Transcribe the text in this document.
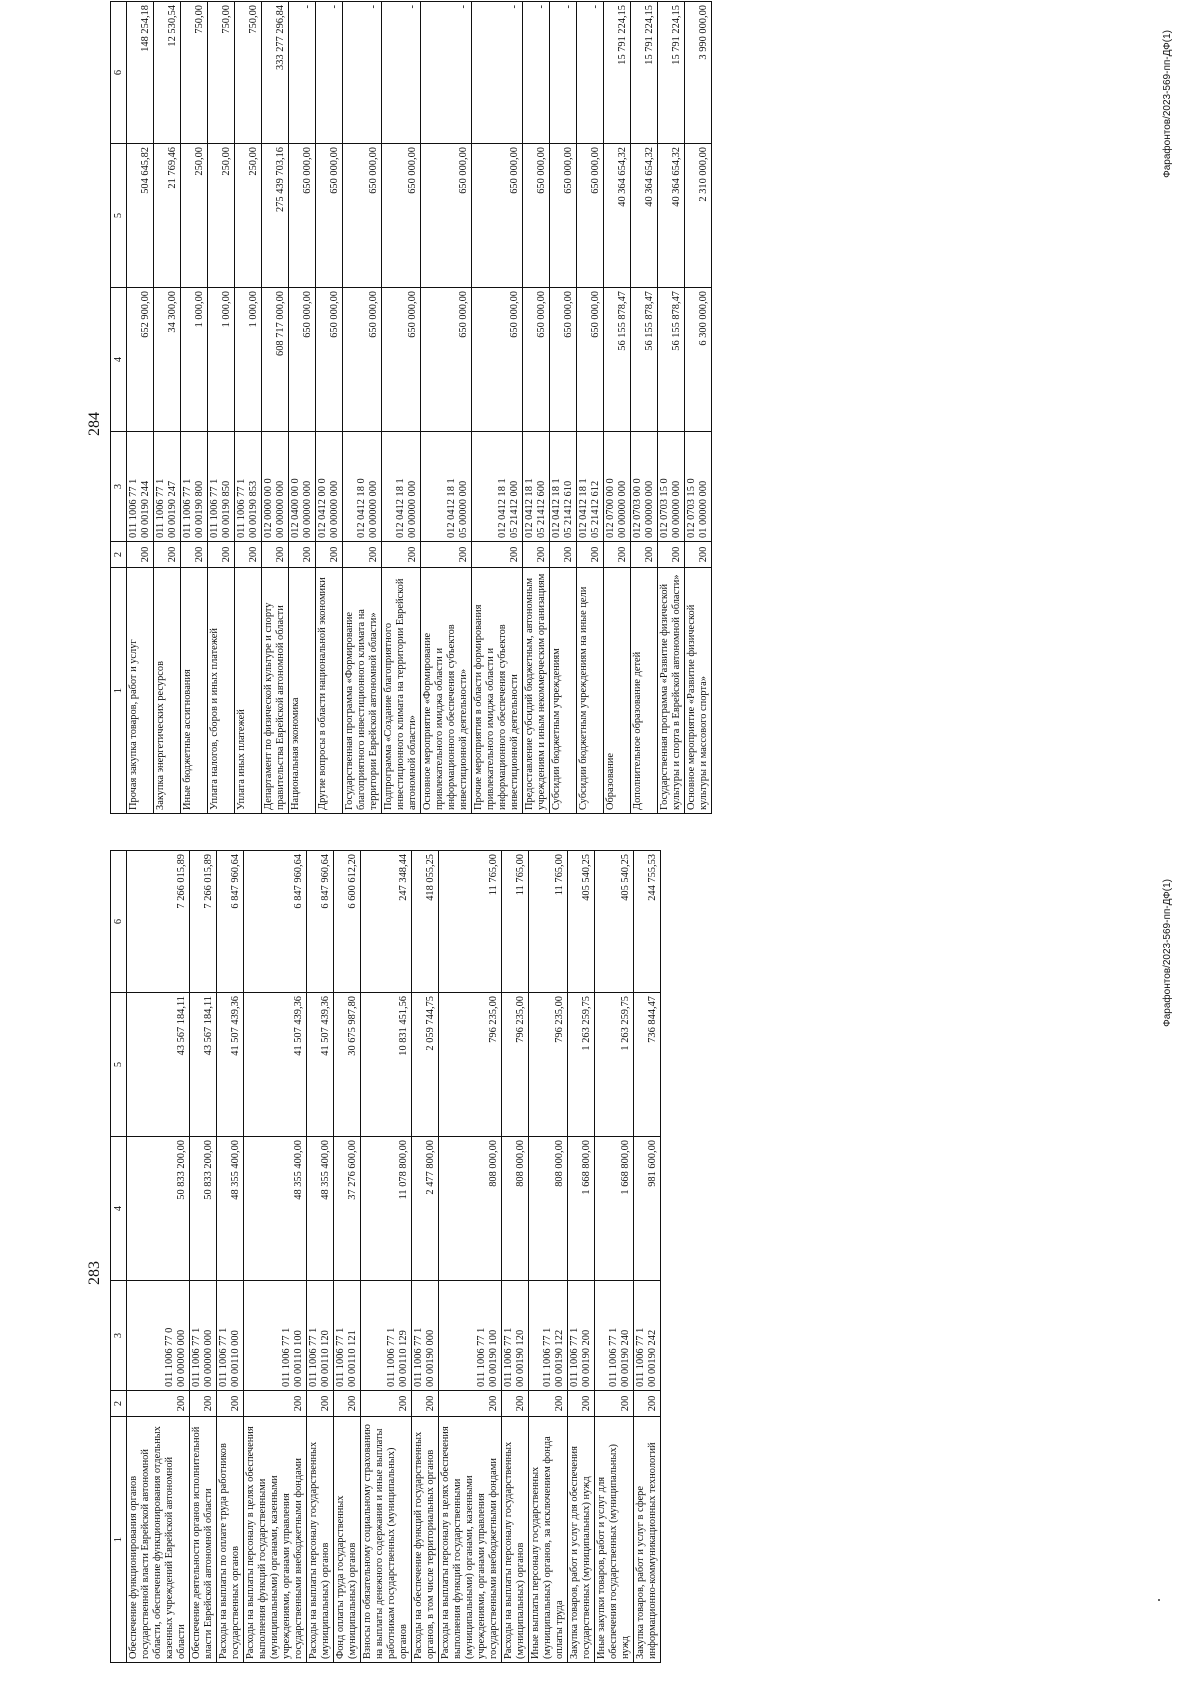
283
1	2	3	4	5	6
Обеспечение функционирования органов государственной власти Еврейской автономной области, обеспечение функционирования отдельных казенных учреждений Еврейской автономной области	200	011 1006 77 0
00 00000 000	50 833 200,00	43 567 184,11	7 266 015,89
Обеспечение деятельности органов исполнительной власти Еврейской автономной области	200	011 1006 77 1
00 00000 000	50 833 200,00	43 567 184,11	7 266 015,89
Расходы на выплаты по оплате труда работников государственных органов	200	011 1006 77 1
00 00110 000	48 355 400,00	41 507 439,36	6 847 960,64
Расходы на выплаты персоналу в целях обеспечения выполнения функций государственными (муниципальными) органами, казенными учреждениями, органами управления государственными внебюджетными фондами	200	011 1006 77 1
00 00110 100	48 355 400,00	41 507 439,36	6 847 960,64
Расходы на выплаты персоналу государственных (муниципальных) органов	200	011 1006 77 1
00 00110 120	48 355 400,00	41 507 439,36	6 847 960,64
Фонд оплаты труда государственных (муниципальных) органов	200	011 1006 77 1
00 00110 121	37 276 600,00	30 675 987,80	6 600 612,20
Взносы по обязательному социальному страхованию на выплаты денежного содержания и иные выплаты работникам государственных (муниципальных) органов	200	011 1006 77 1
00 00110 129	11 078 800,00	10 831 451,56	247 348,44
Расходы на обеспечение функций государственных органов, в том числе территориальных органов	200	011 1006 77 1
00 00190 000	2 477 800,00	2 059 744,75	418 055,25
Расходы на выплаты персоналу в целях обеспечения выполнения функций государственными (муниципальными) органами, казенными учреждениями, органами управления государственными внебюджетными фондами	200	011 1006 77 1
00 00190 100	808 000,00	796 235,00	11 765,00
Расходы на выплаты персоналу государственных (муниципальных) органов	200	011 1006 77 1
00 00190 120	808 000,00	796 235,00	11 765,00
Иные выплаты персоналу государственных (муниципальных) органов, за исключением фонда оплаты труда	200	011 1006 77 1
00 00190 122	808 000,00	796 235,00	11 765,00
Закупка товаров, работ и услуг для обеспечения государственных (муниципальных) нужд	200	011 1006 77 1
00 00190 200	1 668 800,00	1 263 259,75	405 540,25
Иные закупки товаров, работ и услуг для обеспечения государственных (муниципальных) нужд	200	011 1006 77 1
00 00190 240	1 668 800,00	1 263 259,75	405 540,25
Закупка товаров, работ и услуг в сфере информационно-коммуникационных технологий	200	011 1006 77 1
00 00190 242	981 600,00	736 844,47	244 755,53
Фарафонтов/2023-569-пп-ДФ(1)
284
1	2	3	4	5	6
Прочая закупка товаров, работ и услуг	200	011 1006 77 1
00 00190 244	652 900,00	504 645,82	148 254,18
Закупка энергетических ресурсов	200	011 1006 77 1
00 00190 247	34 300,00	21 769,46	12 530,54
Иные бюджетные ассигнования	200	011 1006 77 1
00 00190 800	1 000,00	250,00	750,00
Уплата налогов, сборов и иных платежей	200	011 1006 77 1
00 00190 850	1 000,00	250,00	750,00
Уплата иных платежей	200	011 1006 77 1
00 00190 853	1 000,00	250,00	750,00
Департамент по физической культуре и спорту правительства Еврейской автономной области	200	012 0000 00 0
00 00000 000	608 717 000,00	275 439 703,16	333 277 296,84
Национальная экономика	200	012 0400 00 0
00 00000 000	650 000,00	650 000,00	-
Другие вопросы в области национальной экономики	200	012 0412 00 0
00 00000 000	650 000,00	650 000,00	-
Государственная программа «Формирование благоприятного инвестиционного климата на территории Еврейской автономной области»	200	012 0412 18 0
00 00000 000	650 000,00	650 000,00	-
Подпрограмма «Создание благоприятного инвестиционного климата на территории Еврейской автономной области»	200	012 0412 18 1
00 00000 000	650 000,00	650 000,00	-
Основное мероприятие «Формирование привлекательного имиджа области и информационного обеспечения субъектов инвестиционной деятельности»	200	012 0412 18 1
05 00000 000	650 000,00	650 000,00	-
Прочие мероприятия в области формирования привлекательного имиджа области и информационного обеспечения субъектов инвестиционной деятельности	200	012 0412 18 1
05 21412 000	650 000,00	650 000,00	-
Предоставление субсидий бюджетным, автономным учреждениям и иным некоммерческим организациям	200	012 0412 18 1
05 21412 600	650 000,00	650 000,00	-
Субсидии бюджетным учреждениям	200	012 0412 18 1
05 21412 610	650 000,00	650 000,00	-
Субсидии бюджетным учреждениям на иные цели	200	012 0412 18 1
05 21412 612	650 000,00	650 000,00	-
Образование	200	012 0700 00 0
00 00000 000	56 155 878,47	40 364 654,32	15 791 224,15
Дополнительное образование детей	200	012 0703 00 0
00 00000 000	56 155 878,47	40 364 654,32	15 791 224,15
Государственная программа «Развитие физической культуры и спорта в Еврейской автономной области»	200	012 0703 15 0
00 00000 000	56 155 878,47	40 364 654,32	15 791 224,15
Основное мероприятие «Развитие физической культуры и массового спорта»	200	012 0703 15 0
01 00000 000	6 300 000,00	2 310 000,00	3 990 000,00	Фарафонтов/2023-569-пп-ДФ(1)
